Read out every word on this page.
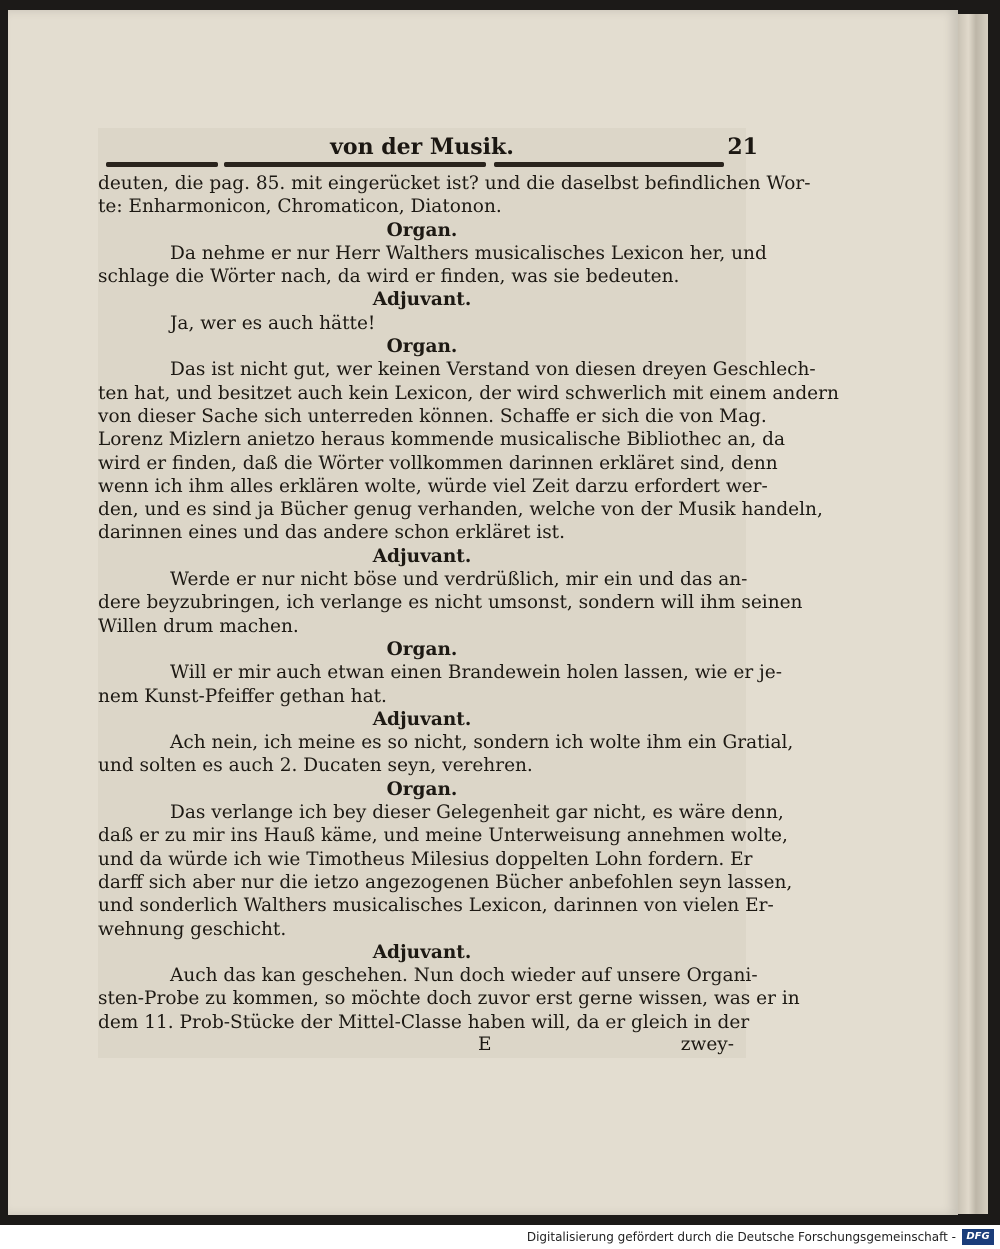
von der Musik.	21
deuten, die pag. 85. mit eingerücket ist? und die daselbst befindlichen Wor-
te: Enharmonicon, Chromaticon, Diatonon.
Organ.
Da nehme er nur Herr Walthers musicalisches Lexicon her, und
schlage die Wörter nach, da wird er finden, was sie bedeuten.
Adjuvant.
Ja, wer es auch hätte!
Organ.
Das ist nicht gut, wer keinen Verstand von diesen dreyen Geschlech-
ten hat, und besitzet auch kein Lexicon, der wird schwerlich mit einem andern
von dieser Sache sich unterreden können. Schaffe er sich die von Mag.
Lorenz Mizlern anietzo heraus kommende musicalische Bibliothec an, da
wird er finden, daß die Wörter vollkommen darinnen erkläret sind, denn
wenn ich ihm alles erklären wolte, würde viel Zeit darzu erfordert wer-
den, und es sind ja Bücher genug verhanden, welche von der Musik handeln,
darinnen eines und das andere schon erkläret ist.
Adjuvant.
Werde er nur nicht böse und verdrüßlich, mir ein und das an-
dere beyzubringen, ich verlange es nicht umsonst, sondern will ihm seinen
Willen drum machen.
Organ.
Will er mir auch etwan einen Brandewein holen lassen, wie er je-
nem Kunst-Pfeiffer gethan hat.
Adjuvant.
Ach nein, ich meine es so nicht, sondern ich wolte ihm ein Gratial,
und solten es auch 2. Ducaten seyn, verehren.
Organ.
Das verlange ich bey dieser Gelegenheit gar nicht, es wäre denn,
daß er zu mir ins Hauß käme, und meine Unterweisung annehmen wolte,
und da würde ich wie Timotheus Milesius doppelten Lohn fordern. Er
darff sich aber nur die ietzo angezogenen Bücher anbefohlen seyn lassen,
und sonderlich Walthers musicalisches Lexicon, darinnen von vielen Er-
wehnung geschicht.
Adjuvant.
Auch das kan geschehen. Nun doch wieder auf unsere Organi-
sten-Probe zu kommen, so möchte doch zuvor erst gerne wissen, was er in
dem 11. Prob-Stücke der Mittel-Classe haben will, da er gleich in der
E	zwey-
Digitalisierung gefördert durch die Deutsche Forschungsgemeinschaft -	DFG
